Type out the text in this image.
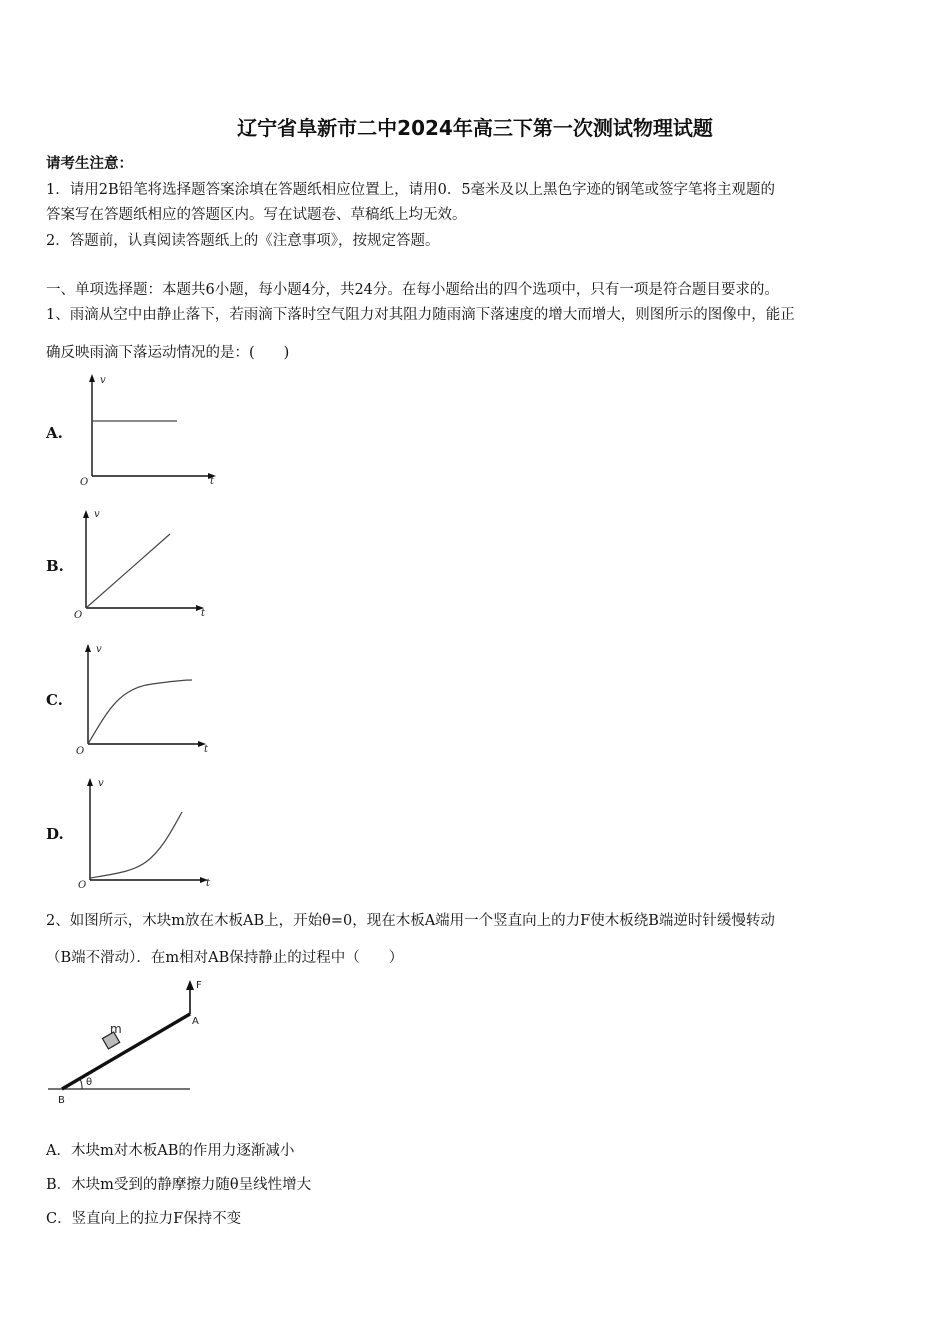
辽宁省阜新市二中2024年高三下第一次测试物理试题
请考生注意：
1．请用2B铅笔将选择题答案涂填在答题纸相应位置上，请用0．5毫米及以上黑色字迹的钢笔或签字笔将主观题的
答案写在答题纸相应的答题区内。写在试题卷、草稿纸上均无效。
2．答题前，认真阅读答题纸上的《注意事项》，按规定答题。
一、单项选择题：本题共6小题，每小题4分，共24分。在每小题给出的四个选项中，只有一项是符合题目要求的。
1、雨滴从空中由静止落下，若雨滴下落时空气阻力对其阻力随雨滴下落速度的增大而增大，则图所示的图像中，能正
确反映雨滴下落运动情况的是：(　　)
A.
v
t
O
B.
v
t
O
C.
v
t
O
D.
v
t
O
2、如图所示，木块m放在木板AB上，开始θ=0，现在木板A端用一个竖直向上的力F使木板绕B端逆时针缓慢转动
（B端不滑动）．在m相对AB保持静止的过程中（　　）
F
A
B
m
θ
A．木块m对木板AB的作用力逐渐减小
B．木块m受到的静摩擦力随θ呈线性增大
C．竖直向上的拉力F保持不变
